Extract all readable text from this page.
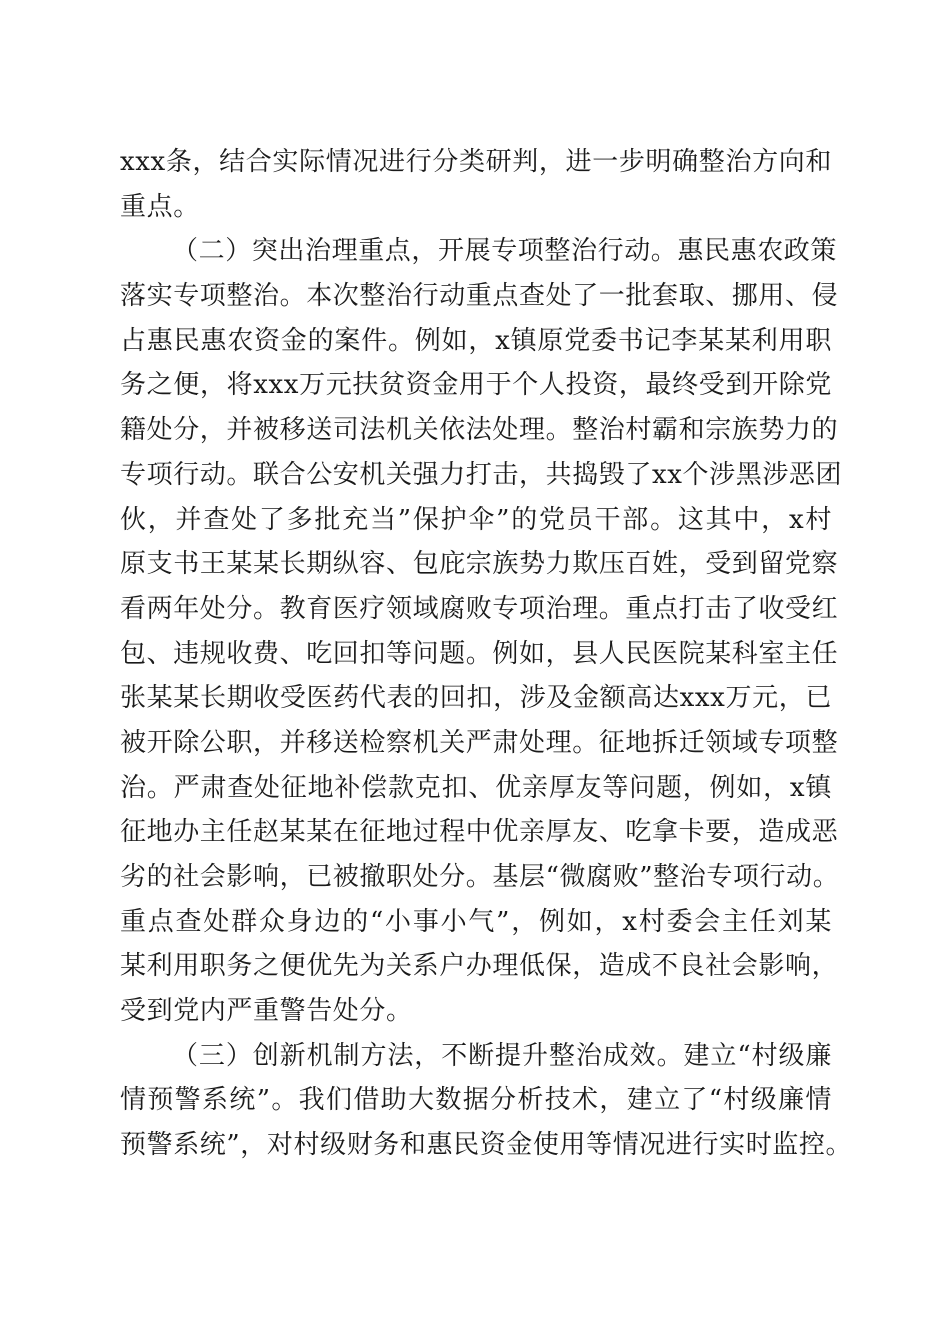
xxx条，结合实际情况进行分类研判，进一步明确整治方向和
重点。
（二）突出治理重点，开展专项整治行动。惠民惠农政策
落实专项整治。本次整治行动重点查处了一批套取、挪用、侵
占惠民惠农资金的案件。例如，x镇原党委书记李某某利用职
务之便，将xxx万元扶贫资金用于个人投资，最终受到开除党
籍处分，并被移送司法机关依法处理。整治村霸和宗族势力的
专项行动。联合公安机关强力打击，共捣毁了xx个涉黑涉恶团
伙，并查处了多批充当”保护伞”的党员干部。这其中，x村
原支书王某某长期纵容、包庇宗族势力欺压百姓，受到留党察
看两年处分。教育医疗领域腐败专项治理。重点打击了收受红
包、违规收费、吃回扣等问题。例如，县人民医院某科室主任
张某某长期收受医药代表的回扣，涉及金额高达xxx万元，已
被开除公职，并移送检察机关严肃处理。征地拆迁领域专项整
治。严肃查处征地补偿款克扣、优亲厚友等问题，例如，x镇
征地办主任赵某某在征地过程中优亲厚友、吃拿卡要，造成恶
劣的社会影响，已被撤职处分。基层“微腐败”整治专项行动。
重点查处群众身边的“小事小气”，例如，x村委会主任刘某
某利用职务之便优先为关系户办理低保，造成不良社会影响，
受到党内严重警告处分。
（三）创新机制方法，不断提升整治成效。建立“村级廉
情预警系统”。我们借助大数据分析技术，建立了“村级廉情
预警系统”，对村级财务和惠民资金使用等情况进行实时监控。
